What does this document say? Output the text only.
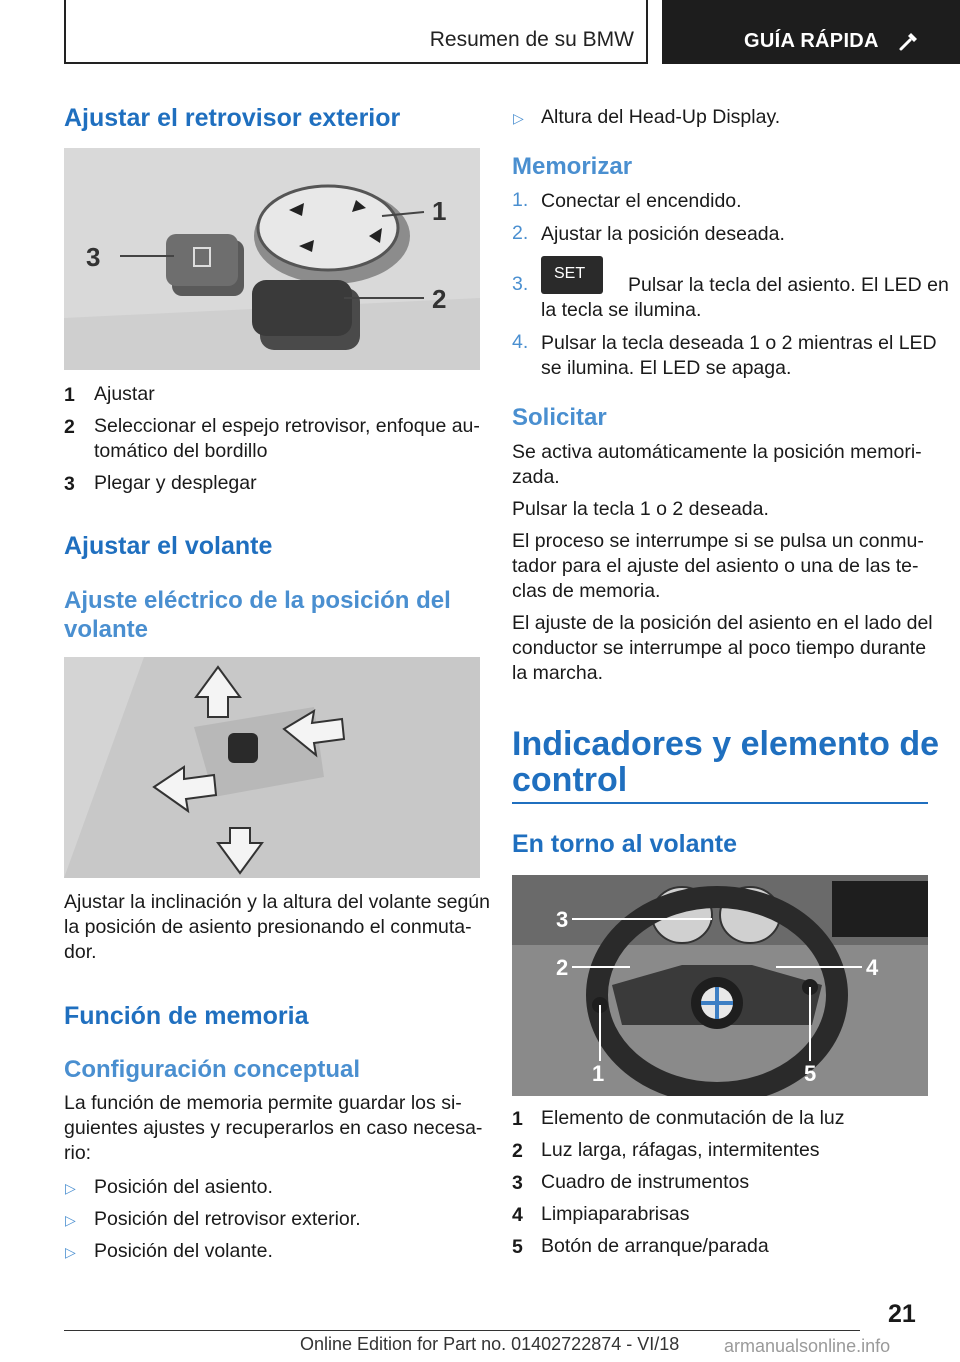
Resumen de su BMW	GUÍA RÁPIDA
Ajustar el retrovisor exterior
1
2
3
1 Ajustar
2 Seleccionar el espejo retrovisor, enfoque au-
tomático del bordillo
3 Plegar y desplegar
Ajustar el volante
Ajuste eléctrico de la posición del
volante
Ajustar la inclinación y la altura del volante según
la posición de asiento presionando el conmuta-
dor.
Función de memoria
Configuración conceptual
La función de memoria permite guardar los si-
guientes ajustes y recuperarlos en caso necesa-
rio:
▷ Posición del asiento.
▷ Posición del retrovisor exterior.
▷ Posición del volante.
▷ Altura del Head-Up Display.
Memorizar
1. Conectar el encendido.
2. Ajustar la posición deseada.
3. SET
Pulsar la tecla del asiento. El LED en
la tecla se ilumina.
4. Pulsar la tecla deseada 1 o 2 mientras el LED
se ilumina. El LED se apaga.
Solicitar
Se activa automáticamente la posición memori-
zada.
Pulsar la tecla 1 o 2 deseada.
El proceso se interrumpe si se pulsa un conmu-
tador para el ajuste del asiento o una de las te-
clas de memoria.
El ajuste de la posición del asiento en el lado del
conductor se interrumpe al poco tiempo durante
la marcha.
Indicadores y elemento de
control
En torno al volante
3
2	4
1	5
1 Elemento de conmutación de la luz
2 Luz larga, ráfagas, intermitentes
3 Cuadro de instrumentos
4 Limpiaparabrisas
5 Botón de arranque/parada
21
Online Edition for Part no. 01402722874 - VI/18 armanualsonline.info
